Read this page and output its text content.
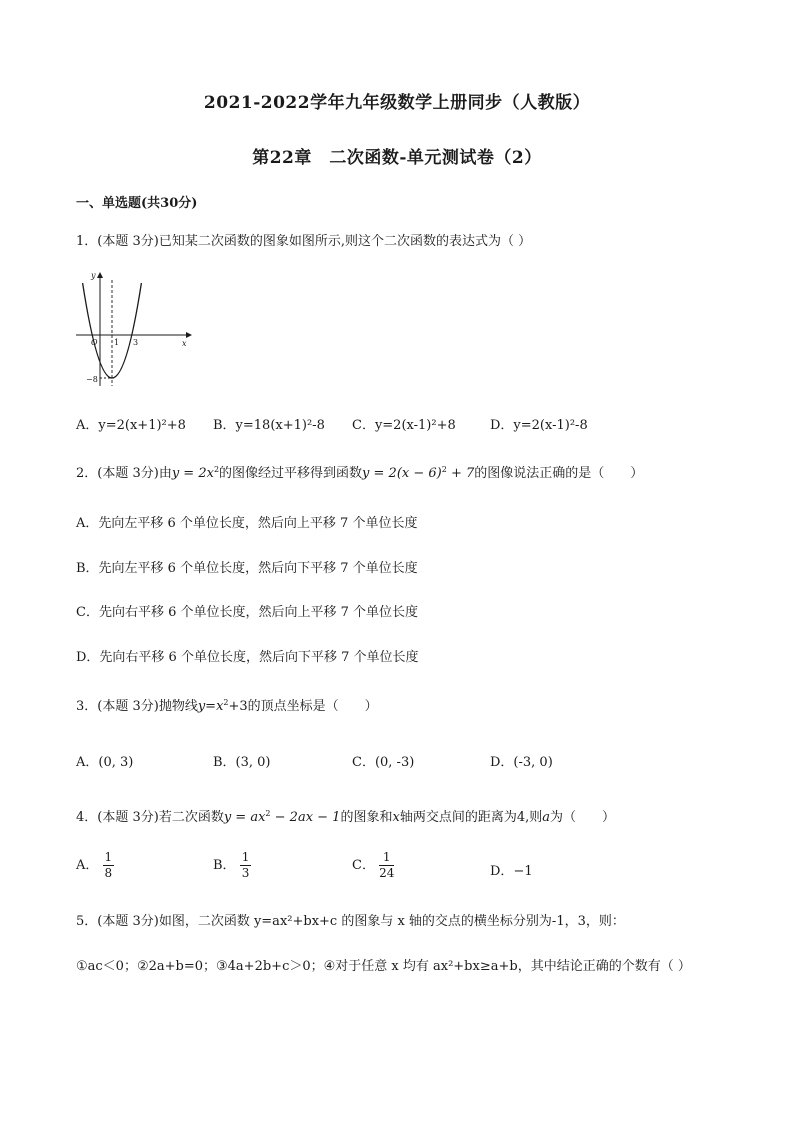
2021-2022学年九年级数学上册同步（人教版）
第22章　二次函数-单元测试卷（2）
一、单选题(共30分)
1．(本题 3分)已知某二次函数的图象如图所示,则这个二次函数的表达式为（ ）
y
x
O 1 3
−8
A．y=2(x+1)²+8 B．y=18(x+1)²-8 C．y=2(x-1)²+8	D．y=2(x-1)²-8
2．(本题 3分)由$y = 2x^2$的图像经过平移得到函数$y = 2(x - 6)^2 + 7$的图像说法正确的是（　　）
A．先向左平移 6 个单位长度，然后向上平移 7 个单位长度
B．先向左平移 6 个单位长度，然后向下平移 7 个单位长度
C．先向右平移 6 个单位长度，然后向上平移 7 个单位长度
D．先向右平移 6 个单位长度，然后向下平移 7 个单位长度
3．(本题 3分)抛物线$y=x^2+3$的顶点坐标是（　　）
A．(0, 3)	B．(3, 0)	C．(0, -3)	D．(-3, 0)
4．(本题 3分)若二次函数$y = ax^2 - 2ax - 1$的图象和x轴两交点间的距离为4,则a为（　　）
A． $\frac{1}{8}$	B． $\frac{1}{3}$	C． $\frac{1}{24}$	D．−1
5．(本题 3分)如图，二次函数 y=ax²+bx+c 的图象与 x 轴的交点的横坐标分别为-1，3，则：
①ac＜0；②2a+b=0；③4a+2b+c＞0；④对于任意 x 均有 ax²+bx≥a+b，其中结论正确的个数有（ ）
